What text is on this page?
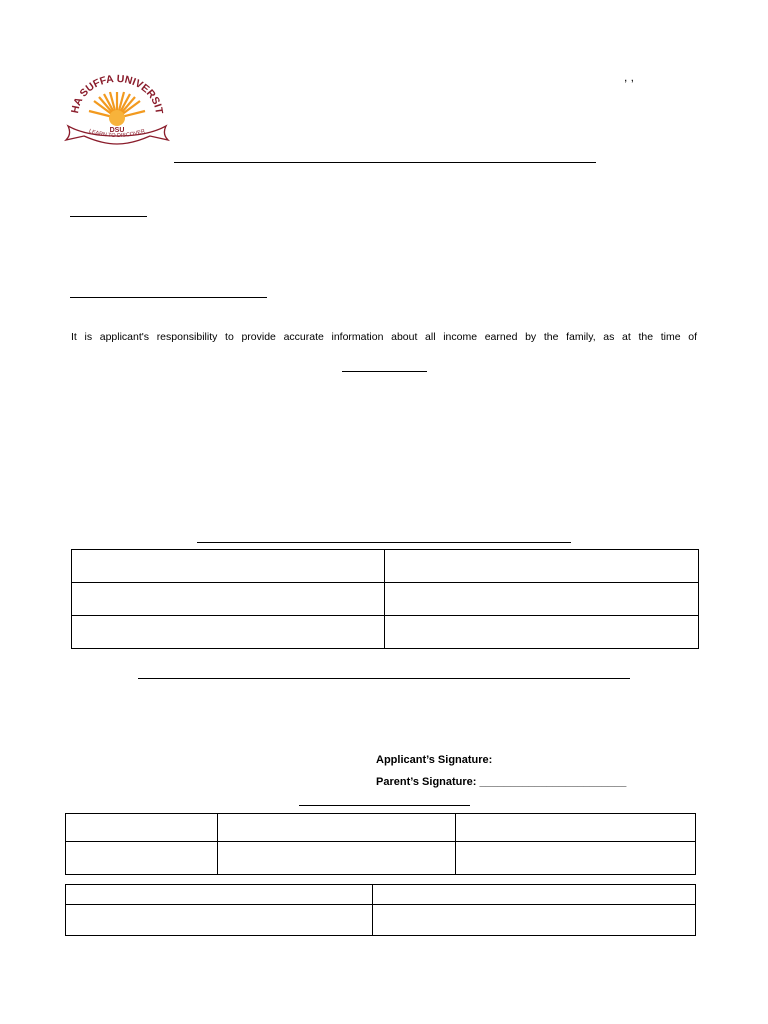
HA SUFFA UNIVERSIT
DSU
LEARN TO DISCOVER
, ,
It is applicant's responsibility to provide accurate information about all income earned by the family, as at the time of

Applicant’s Signature:
Parent’s Signature: ________________________
